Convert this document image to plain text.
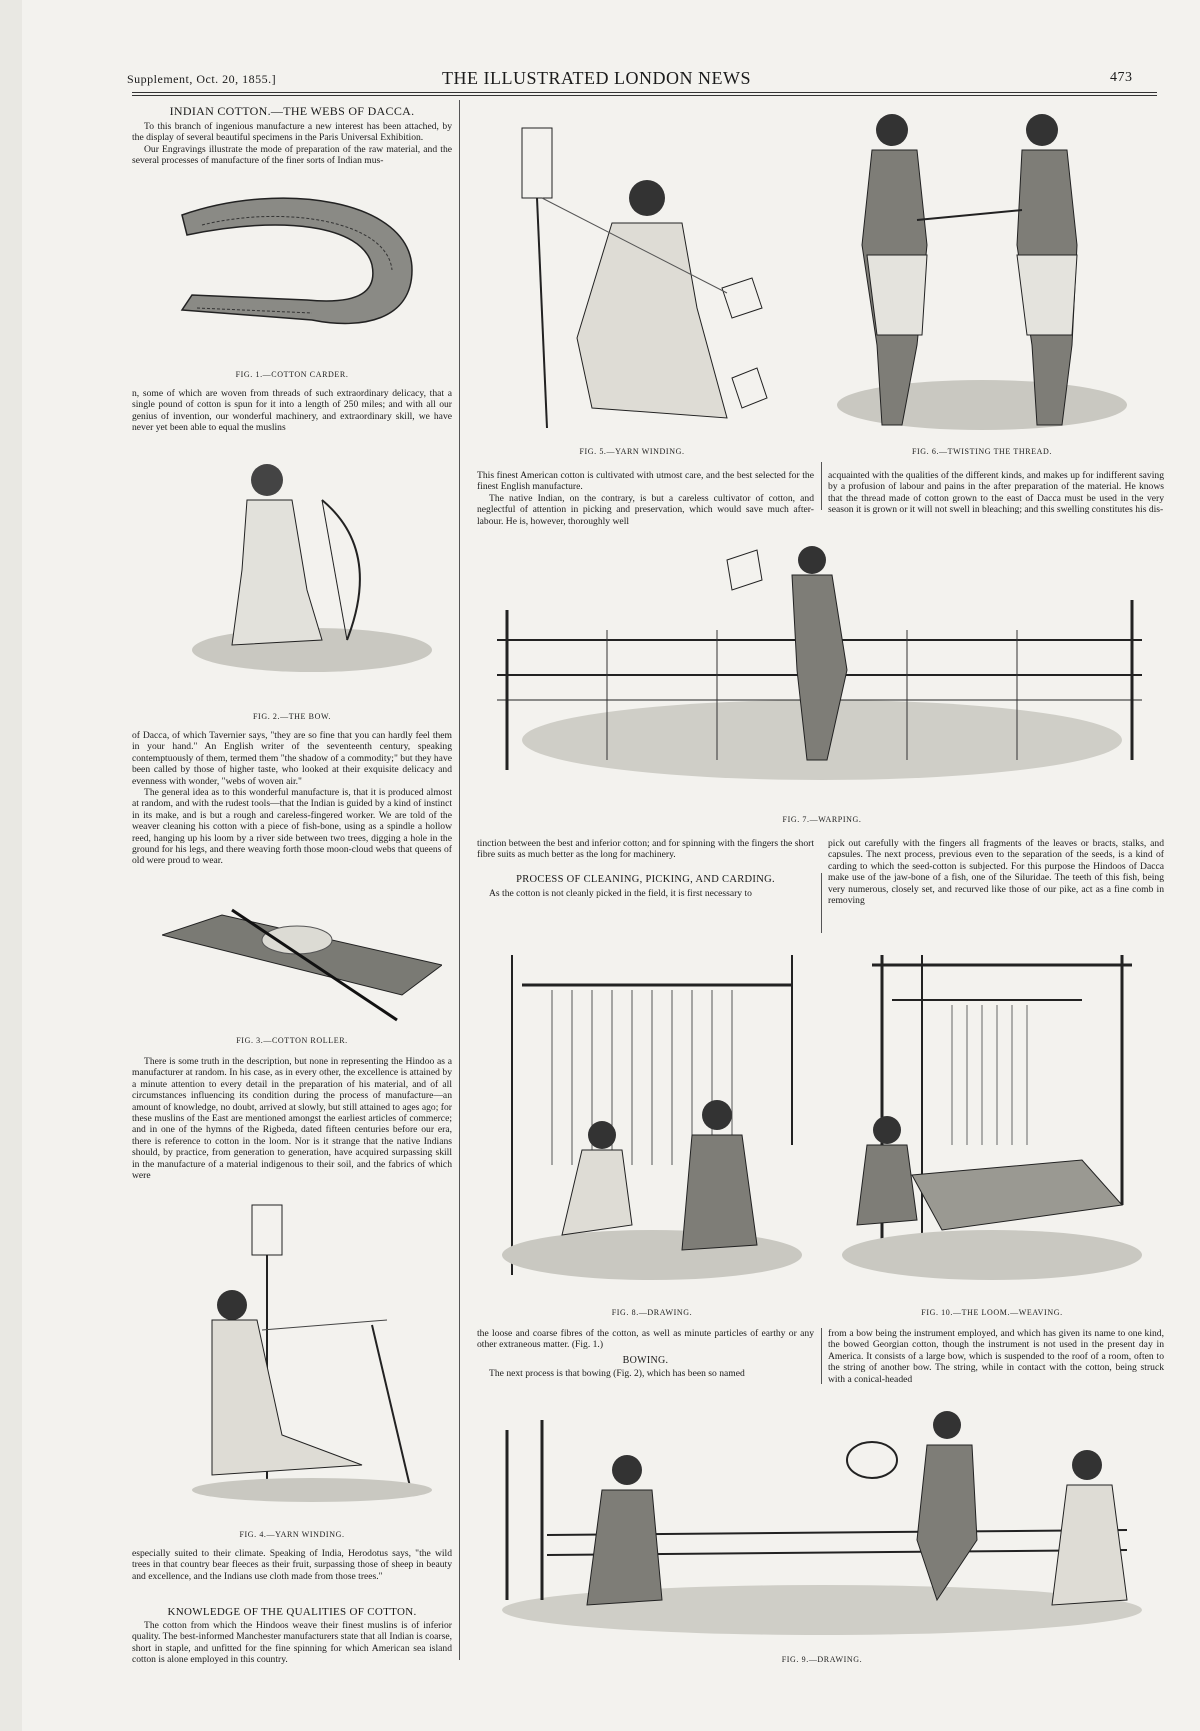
Supplement, Oct. 20, 1855.]	THE ILLUSTRATED LONDON NEWS	473
INDIAN COTTON.—THE WEBS OF DACCA.

To this branch of ingenious manufacture a new interest has been attached, by the display of several beautiful specimens in the Paris Universal Exhibition.

Our Engravings illustrate the mode of preparation of the raw material, and the several processes of manufacture of the finer sorts of Indian mus-

FIG. 1.—COTTON CARDER.
n, some of which are woven from threads of such extraordinary delicacy, that a single pound of cotton is spun for it into a length of 250 miles; and with all our genius of invention, our wonderful machinery, and extraordinary skill, we have never yet been able to equal the muslins
FIG. 2.—THE BOW.

of Dacca, of which Tavernier says, "they are so fine that you can hardly feel them in your hand." An English writer of the seventeenth century, speaking contemptuously of them, termed them "the shadow of a commodity;" but they have been called by those of higher taste, who looked at their exquisite delicacy and evenness with wonder, "webs of woven air."

The general idea as to this wonderful manufacture is, that it is produced almost at random, and with the rudest tools—that the Indian is guided by a kind of instinct in its make, and is but a rough and careless-fingered worker. We are told of the weaver cleaning his cotton with a piece of fish-bone, using as a spindle a hollow reed, hanging up his loom by a river side between two trees, digging a hole in the ground for his legs, and there weaving forth those moon-cloud webs that queens of old were proud to wear.

FIG. 3.—COTTON ROLLER.

There is some truth in the description, but none in representing the Hindoo as a manufacturer at random. In his case, as in every other, the excellence is attained by a minute attention to every detail in the preparation of his material, and of all circumstances influencing its condition during the process of manufacture—an amount of knowledge, no doubt, arrived at slowly, but still attained to ages ago; for these muslins of the East are mentioned amongst the earliest articles of commerce; and in one of the hymns of the Rigbeda, dated fifteen centuries before our era, there is reference to cotton in the loom. Nor is it strange that the native Indians should, by practice, from generation to generation, have acquired surpassing skill in the manufacture of a material indigenous to their soil, and the fabrics of which were

FIG. 4.—YARN WINDING.

especially suited to their climate. Speaking of India, Herodotus says, "the wild trees in that country bear fleeces as their fruit, surpassing those of sheep in beauty and excellence, and the Indians use cloth made from those trees."

KNOWLEDGE OF THE QUALITIES OF COTTON.

The cotton from which the Hindoos weave their finest muslins is of inferior quality. The best-informed Manchester manufacturers state that all Indian is coarse, short in staple, and unfitted for the fine spinning for which American sea island cotton is alone employed in this country.

FIG. 5.—YARN WINDING.	FIG. 6.—TWISTING THE THREAD.

This finest American cotton is cultivated with utmost care, and the best selected for the finest English manufacture.

The native Indian, on the contrary, is but a careless cultivator of cotton, and neglectful of attention in picking and preservation, which would save much after-labour. He is, however, thoroughly well

acquainted with the qualities of the different kinds, and makes up for indifferent saving by a profusion of labour and pains in the after preparation of the material. He knows that the thread made of cotton grown to the east of Dacca must be used in the very season it is grown or it will not swell in bleaching; and this swelling constitutes his dis-

FIG. 7.—WARPING.

tinction between the best and inferior cotton; and for spinning with the fingers the short fibre suits as much better as the long for machinery.

PROCESS OF CLEANING, PICKING, AND CARDING.

As the cotton is not cleanly picked in the field, it is first necessary to

pick out carefully with the fingers all fragments of the leaves or bracts, stalks, and capsules. The next process, previous even to the separation of the seeds, is a kind of carding to which the seed-cotton is subjected. For this purpose the Hindoos of Dacca make use of the jaw-bone of a fish, one of the Siluridae. The teeth of this fish, being very numerous, closely set, and recurved like those of our pike, act as a fine comb in removing

FIG. 8.—DRAWING.	FIG. 10.—THE LOOM.—WEAVING.

the loose and coarse fibres of the cotton, as well as minute particles of earthy or any other extraneous matter. (Fig. 1.)

BOWING.

The next process is that bowing (Fig. 2), which has been so named

from a bow being the instrument employed, and which has given its name to one kind, the bowed Georgian cotton, though the instrument is not used in the present day in America. It consists of a large bow, which is suspended to the roof of a room, often to the string of another bow. The string, while in contact with the cotton, being struck with a conical-headed

FIG. 9.—DRAWING.
